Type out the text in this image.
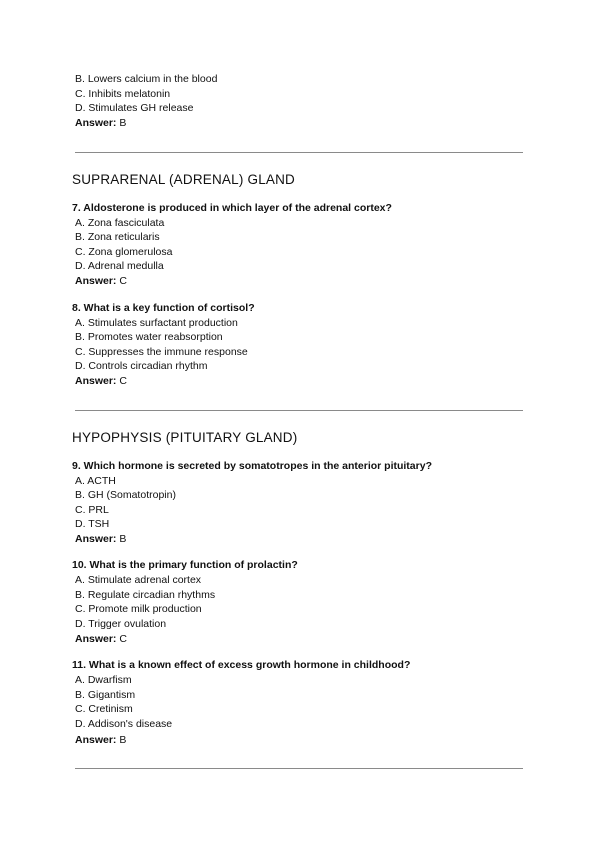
B. Lowers calcium in the blood
C. Inhibits melatonin
D. Stimulates GH release
Answer: B
SUPRARENAL (ADRENAL) GLAND
7. Aldosterone is produced in which layer of the adrenal cortex?
A. Zona fasciculata
B. Zona reticularis
C. Zona glomerulosa
D. Adrenal medulla
Answer: C
8. What is a key function of cortisol?
A. Stimulates surfactant production
B. Promotes water reabsorption
C. Suppresses the immune response
D. Controls circadian rhythm
Answer: C
HYPOPHYSIS (PITUITARY GLAND)
9. Which hormone is secreted by somatotropes in the anterior pituitary?
A. ACTH
B. GH (Somatotropin)
C. PRL
D. TSH
Answer: B
10. What is the primary function of prolactin?
A. Stimulate adrenal cortex
B. Regulate circadian rhythms
C. Promote milk production
D. Trigger ovulation
Answer: C
11. What is a known effect of excess growth hormone in childhood?
A. Dwarfism
B. Gigantism
C. Cretinism
D. Addison's disease
Answer: B
